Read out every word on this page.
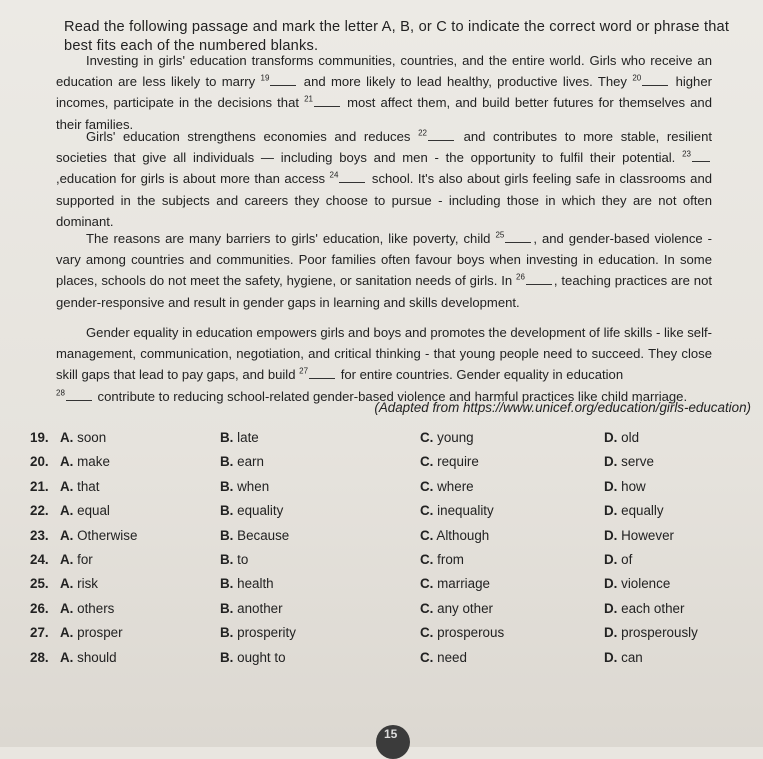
Read the following passage and mark the letter A, B, or C to indicate the correct word or phrase that best fits each of the numbered blanks.
Investing in girls' education transforms communities, countries, and the entire world. Girls who receive an education are less likely to marry $^{19}$	and more likely to lead healthy, productive lives. They $^{20}$	higher incomes, participate in the decisions that $^{21}$	most affect them, and build better futures for themselves and their families.
Girls' education strengthens economies and reduces $^{22}$	and contributes to more stable, resilient societies that give all individuals — including boys and men - the opportunity to fulfil their potential. $^{23}$,education for girls is about more than access $^{24}$	school. It's also about girls feeling safe in classrooms and supported in the subjects and careers they choose to pursue - including those in which they are not often dominant.
The reasons are many barriers to girls' education, like poverty, child $^{25}$ , and gender-based violence - vary among countries and communities. Poor families often favour boys when investing in education. In some places, schools do not meet the safety, hygiene, or sanitation needs of girls. In $^{26}$ , teaching practices are not gender-responsive and result in gender gaps in learning and skills development.
Gender equality in education empowers girls and boys and promotes the development of life skills - like self-management, communication, negotiation, and critical thinking - that young people need to succeed. They close skill gaps that lead to pay gaps, and build $^{27}$ for entire countries. Gender equality in education
$^{28}$ contribute to reducing school-related gender-based violence and harmful practices like child marriage.
(Adapted from https://www.unicef.org/education/girls-education)
19. A. soon	B. late	C. young	D. old
20. A. make	B. earn	C. require	D. serve
21. A. that	B. when	C. where	D. how
22. A. equal	B. equality	C. inequality	D. equally
23. A. Otherwise	B. Because	C. Although	D. However
24. A. for	B. to	C. from	D. of
25. A. risk	B. health	C. marriage	D. violence
26. A. others	B. another	C. any other	D. each other
27. A. prosper	B. prosperity	C. prosperous	D. prosperously
28. A. should	B. ought to	C. need	D. can
15
